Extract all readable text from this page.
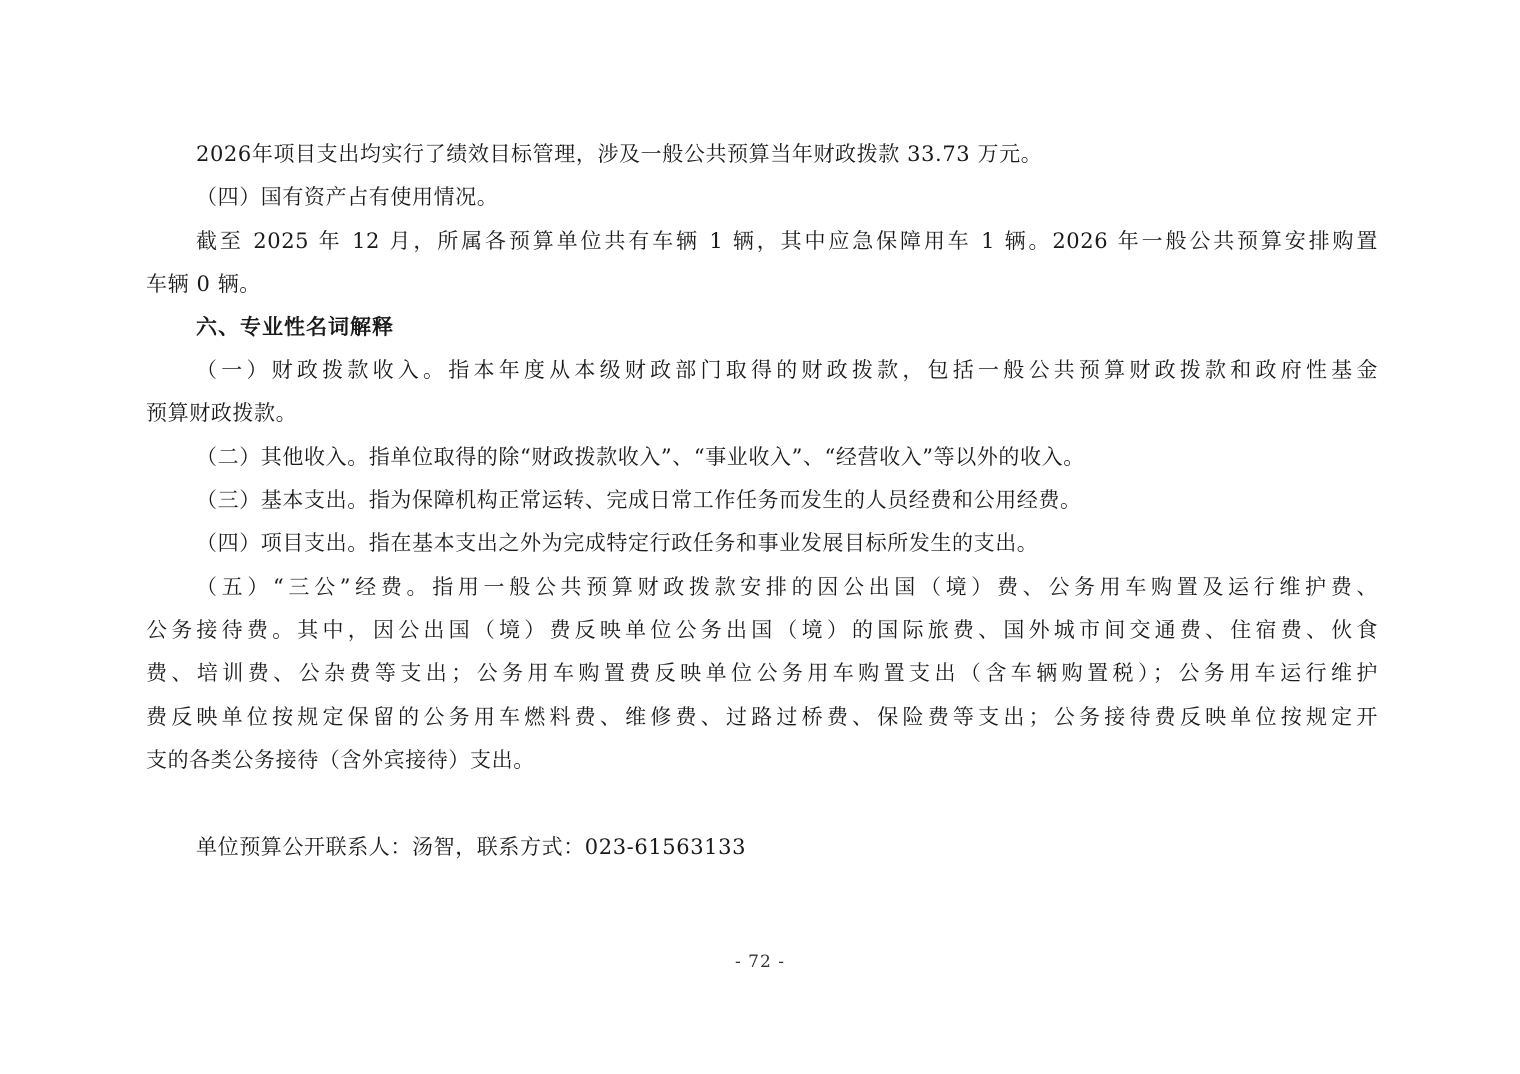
2026年项目支出均实行了绩效目标管理，涉及一般公共预算当年财政拨款 33.73 万元。
（四）国有资产占有使用情况。
截至 2025 年 12 月，所属各预算单位共有车辆 1 辆，其中应急保障用车 1 辆。2026 年一般公共预算安排购置
车辆 0 辆。
六、专业性名词解释
（一）财政拨款收入。指本年度从本级财政部门取得的财政拨款，包括一般公共预算财政拨款和政府性基金
预算财政拨款。
（二）其他收入。指单位取得的除“财政拨款收入”、“事业收入”、“经营收入”等以外的收入。
（三）基本支出。指为保障机构正常运转、完成日常工作任务而发生的人员经费和公用经费。
（四）项目支出。指在基本支出之外为完成特定行政任务和事业发展目标所发生的支出。
（五）“三公”经费。指用一般公共预算财政拨款安排的因公出国（境）费、公务用车购置及运行维护费、
公务接待费。其中，因公出国（境）费反映单位公务出国（境）的国际旅费、国外城市间交通费、住宿费、伙食
费、培训费、公杂费等支出；公务用车购置费反映单位公务用车购置支出（含车辆购置税）；公务用车运行维护
费反映单位按规定保留的公务用车燃料费、维修费、过路过桥费、保险费等支出；公务接待费反映单位按规定开
支的各类公务接待（含外宾接待）支出。
单位预算公开联系人：汤智，联系方式：023-61563133
- 72 -
